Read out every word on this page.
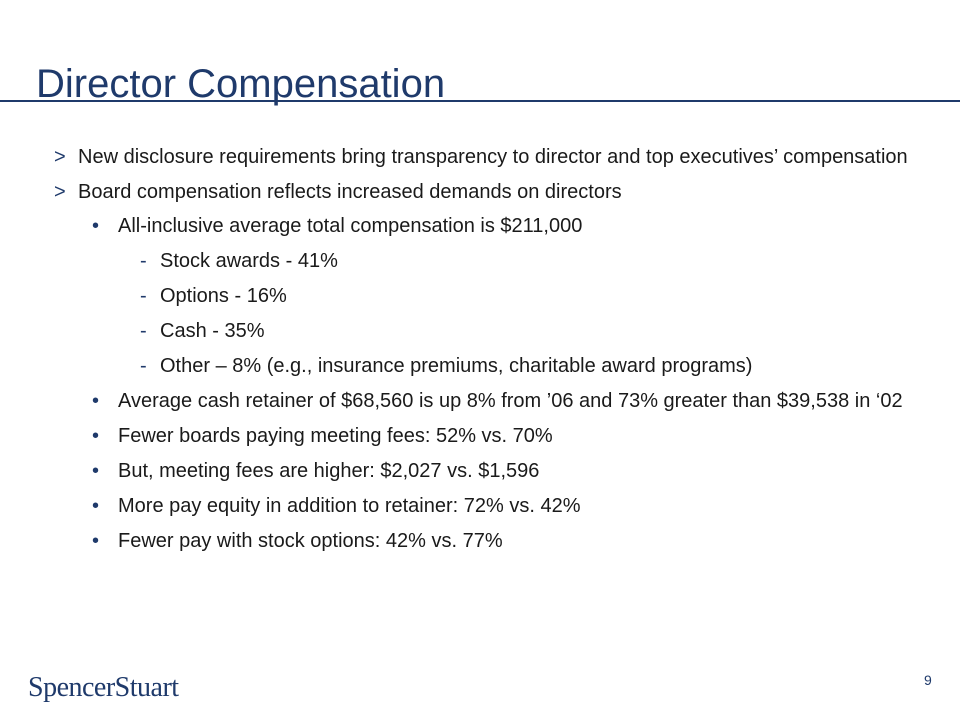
Director Compensation
> New disclosure requirements bring transparency to director and top executives’ compensation
> Board compensation reflects increased demands on directors
• All-inclusive average total compensation is $211,000
- Stock awards - 41%
- Options - 16%
- Cash - 35%
- Other – 8% (e.g., insurance premiums, charitable award programs)
• Average cash retainer of $68,560 is up 8% from ’06 and 73% greater than $39,538 in ‘02
• Fewer boards paying meeting fees: 52% vs. 70%
• But, meeting fees are higher: $2,027 vs. $1,596
• More pay equity in addition to retainer: 72% vs. 42%
• Fewer pay with stock options: 42% vs. 77%
SpencerStuart	9
